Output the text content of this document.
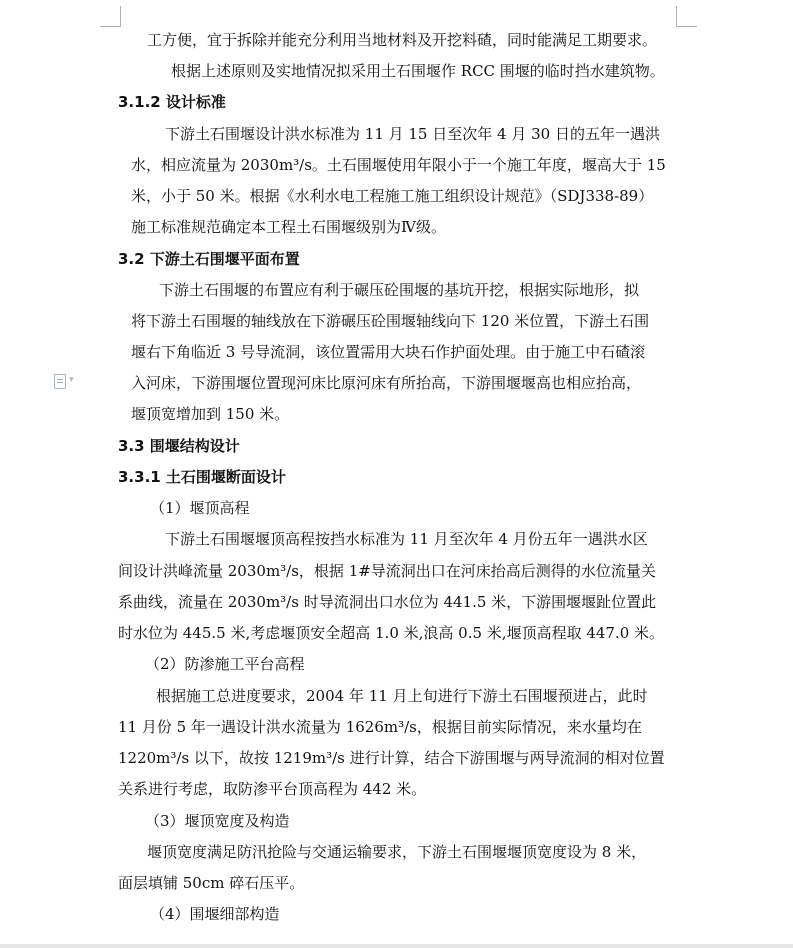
▾
工方便，宜于拆除并能充分利用当地材料及开挖料碴，同时能满足工期要求。
根据上述原则及实地情况拟采用土石围堰作 RCC 围堰的临时挡水建筑物。
3.1.2 设计标准
下游土石围堰设计洪水标准为 11 月 15 日至次年 4 月 30 日的五年一遇洪
水，相应流量为 2030m³/s。土石围堰使用年限小于一个施工年度，堰高大于 15
米，小于 50 米。根据《水利水电工程施工施工组织设计规范》（SDJ338-89）
施工标准规范确定本工程土石围堰级别为Ⅳ级。
3.2 下游土石围堰平面布置
下游土石围堰的布置应有利于碾压砼围堰的基坑开挖，根据实际地形，拟
将下游土石围堰的轴线放在下游碾压砼围堰轴线向下 120 米位置，下游土石围
堰右下角临近 3 号导流洞，该位置需用大块石作护面处理。由于施工中石碴滚
入河床，下游围堰位置现河床比原河床有所抬高，下游围堰堰高也相应抬高，
堰顶宽增加到 150 米。
3.3 围堰结构设计
3.3.1 土石围堰断面设计
（1）堰顶高程
下游土石围堰堰顶高程按挡水标准为 11 月至次年 4 月份五年一遇洪水区
间设计洪峰流量 2030m³/s，根据 1#导流洞出口在河床抬高后测得的水位流量关
系曲线，流量在 2030m³/s 时导流洞出口水位为 441.5 米，下游围堰堰趾位置此
时水位为 445.5 米,考虑堰顶安全超高 1.0 米,浪高 0.5 米,堰顶高程取 447.0 米。
（2）防渗施工平台高程
根据施工总进度要求，2004 年 11 月上旬进行下游土石围堰预进占，此时
11 月份 5 年一遇设计洪水流量为 1626m³/s，根据目前实际情况，来水量均在
1220m³/s 以下，故按 1219m³/s 进行计算，结合下游围堰与两导流洞的相对位置
关系进行考虑，取防渗平台顶高程为 442 米。
（3）堰顶宽度及构造
堰顶宽度满足防汛抢险与交通运输要求，下游土石围堰堰顶宽度设为 8 米，
面层填铺 50cm 碎石压平。
（4）围堰细部构造
